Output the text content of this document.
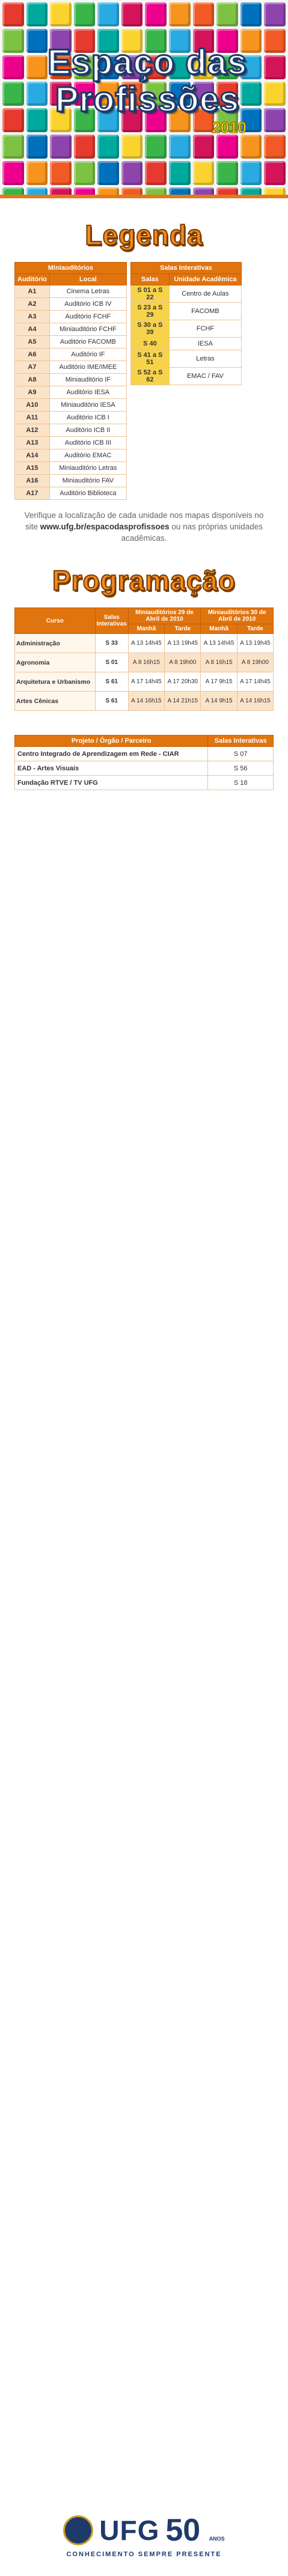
Espaço das
Profissões
2010
Legenda
Miniauditórios	
Auditório	Local
A1	Cinema Letras
A2	Auditório ICB IV
A3	Auditório FCHF
A4	Miniauditório FCHF
A5	Auditório FACOMB
A6	Auditório IF
A7	Auditório IME/IMEE
A8	Miniauditório IF
A9	Auditório IESA
A10	Miniauditório IESA
A11	Auditório ICB I
A12	Auditório ICB II
A13	Auditório ICB III
A14	Auditório EMAC
A15	Miniauditório Letras
A16	Miniauditório FAV
A17	Auditório Biblioteca
Salas Interativas	
Salas	Unidade Acadêmica
S 01 a S 22	Centro de Aulas
S 23 a S 29	FACOMB
S 30 a S 39	FCHF
S 40	IESA
S 41 a S 51	Letras
S 52 a S 62	EMAC / FAV

Verifique a localização de cada unidade nos mapas disponíveis no site www.ufg.br/espacodasprofissoes ou nas próprias unidades acadêmicas.

Programação
Curso	Salas Interativas	Miniauditórios 29 de Abril de 2010		Miniauditórios 30 de Abril de 2010	
		Manhã	Tarde	Manhã	Tarde
Administração	S 33	A 13 14h45	A 13 19h45	A 13 14h45	A 13 19h45
Agronomia	S 01	A 8 16h15	A 8 19h00	A 8 16h15	A 8 19h00
Arquitetura e Urbanismo	S 61	A 17 14h45	A 17 20h30	A 17 9h15	A 17 14h45
Artes Cênicas	S 61	A 14 16h15	A 14 21h15	A 14 9h15	A 14 16h15
Projeto / Órgão / Parceiro	Salas Interativas
Centro Integrado de Aprendizagem em Rede - CIAR	S 07
EAD - Artes Visuais	S 56
Fundação RTVE / TV UFG	S 18
UFG 50 ANOS
CONHECIMENTO SEMPRE PRESENTE
